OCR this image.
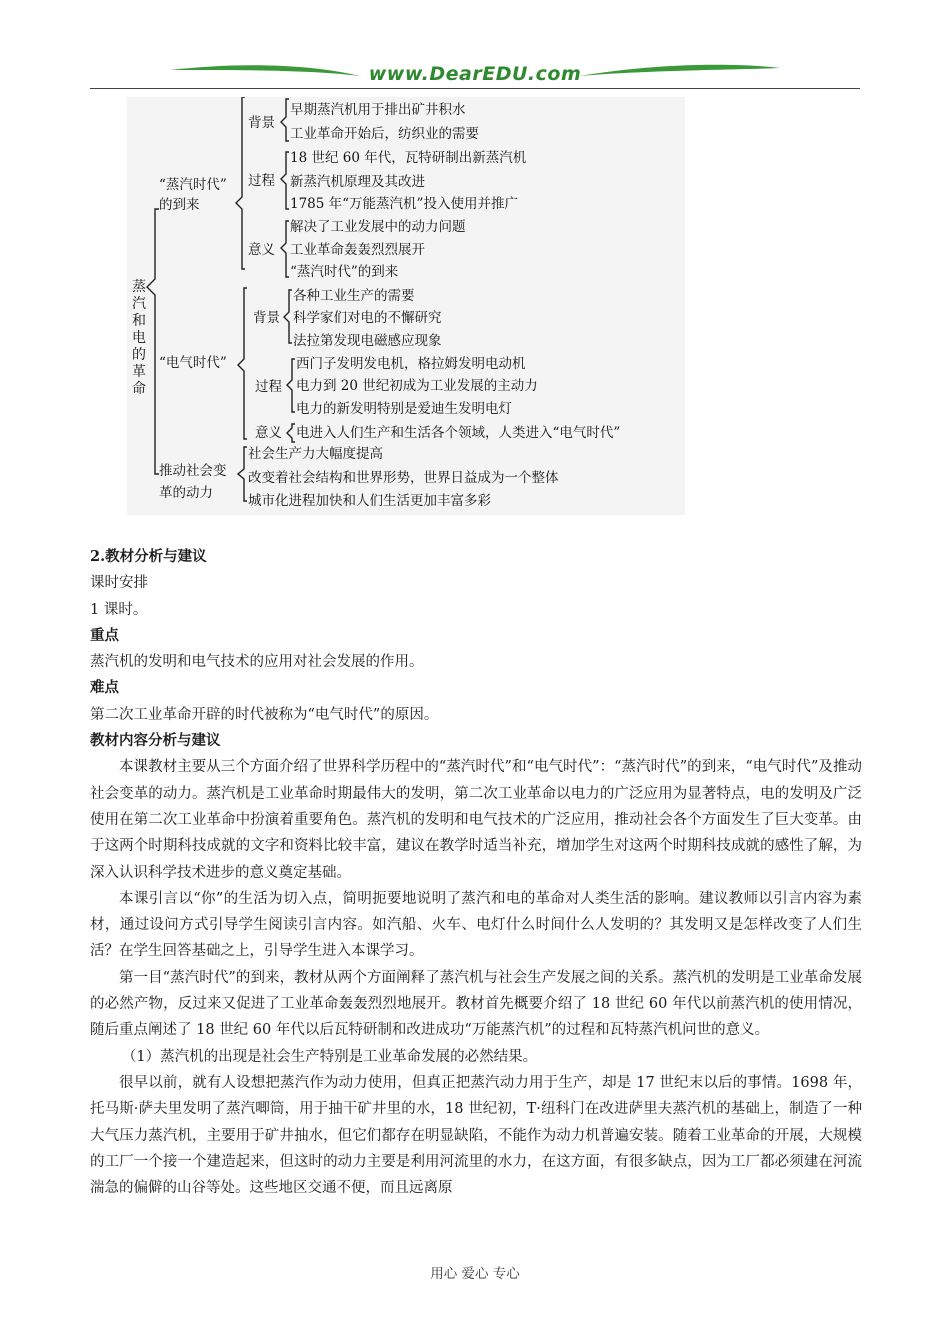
www.DearEDU.com
蒸汽和电的革命
“蒸汽时代”
的到来
背景
早期蒸汽机用于排出矿井积水
工业革命开始后，纺织业的需要
过程
18 世纪 60 年代，瓦特研制出新蒸汽机
新蒸汽机原理及其改进
1785 年“万能蒸汽机”投入使用并推广
意义
解决了工业发展中的动力问题
工业革命轰轰烈烈展开
“蒸汽时代”的到来
“电气时代”
背景
各种工业生产的需要
科学家们对电的不懈研究
法拉第发现电磁感应现象
过程
西门子发明发电机，格拉姆发明电动机
电力到 20 世纪初成为工业发展的主动力
电力的新发明特别是爱迪生发明电灯
意义 电进入人们生产和生活各个领域，人类进入“电气时代”
推动社会变
革的动力
社会生产力大幅度提高
改变着社会结构和世界形势，世界日益成为一个整体
城市化进程加快和人们生活更加丰富多彩

2.教材分析与建议

课时安排

1 课时。

重点

蒸汽机的发明和电气技术的应用对社会发展的作用。

难点

第二次工业革命开辟的时代被称为“电气时代”的原因。

教材内容分析与建议

本课教材主要从三个方面介绍了世界科学历程中的“蒸汽时代”和“电气时代”：“蒸汽时代”的到来，“电气时代”及推动社会变革的动力。蒸汽机是工业革命时期最伟大的发明，第二次工业革命以电力的广泛应用为显著特点，电的发明及广泛使用在第二次工业革命中扮演着重要角色。蒸汽机的发明和电气技术的广泛应用，推动社会各个方面发生了巨大变革。由于这两个时期科技成就的文字和资料比较丰富，建议在教学时适当补充，增加学生对这两个时期科技成就的感性了解，为深入认识科学技术进步的意义奠定基础。

本课引言以“你”的生活为切入点，简明扼要地说明了蒸汽和电的革命对人类生活的影响。建议教师以引言内容为素材，通过设问方式引导学生阅读引言内容。如汽船、火车、电灯什么时间什么人发明的？其发明又是怎样改变了人们生活？在学生回答基础之上，引导学生进入本课学习。

第一目“蒸汽时代”的到来，教材从两个方面阐释了蒸汽机与社会生产发展之间的关系。蒸汽机的发明是工业革命发展的必然产物，反过来又促进了工业革命轰轰烈烈地展开。教材首先概要介绍了 18 世纪 60 年代以前蒸汽机的使用情况，随后重点阐述了 18 世纪 60 年代以后瓦特研制和改进成功“万能蒸汽机”的过程和瓦特蒸汽机问世的意义。

（1）蒸汽机的出现是社会生产特别是工业革命发展的必然结果。

很早以前，就有人设想把蒸汽作为动力使用，但真正把蒸汽动力用于生产，却是 17 世纪末以后的事情。1698 年，托马斯·萨夫里发明了蒸汽唧筒，用于抽干矿井里的水，18 世纪初，T·纽科门在改进萨里夫蒸汽机的基础上，制造了一种大气压力蒸汽机，主要用于矿井抽水，但它们都存在明显缺陷，不能作为动力机普遍安装。随着工业革命的开展，大规模的工厂一个接一个建造起来，但这时的动力主要是利用河流里的水力，在这方面，有很多缺点，因为工厂都必须建在河流湍急的偏僻的山谷等处。这些地区交通不便，而且远离原

用心 爱心 专心
